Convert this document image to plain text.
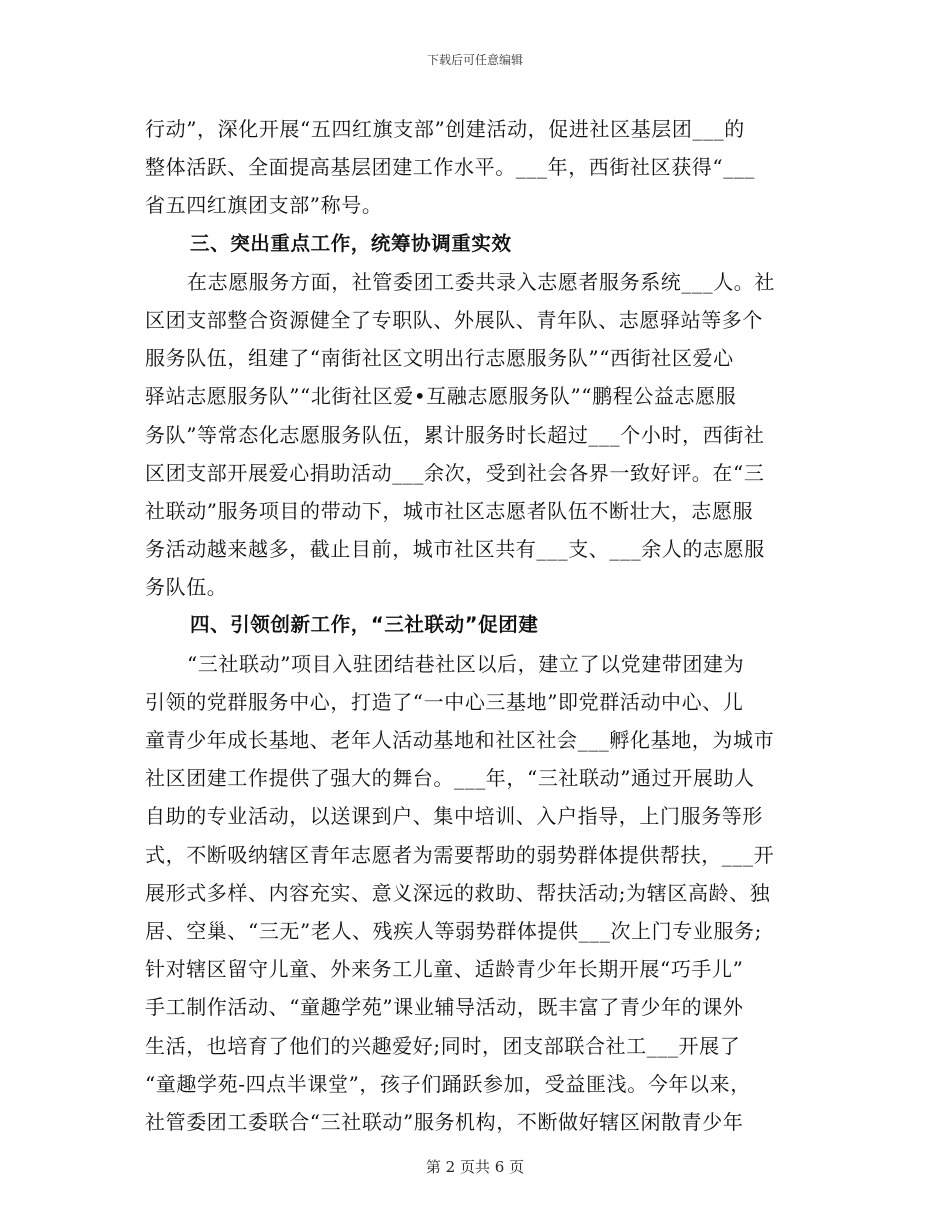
下载后可任意编辑
行动”，深化开展“五四红旗支部”创建活动，促进社区基层团___的
整体活跃、全面提高基层团建工作水平。___年，西街社区获得“___
省五四红旗团支部”称号。
三、突出重点工作，统筹协调重实效
在志愿服务方面，社管委团工委共录入志愿者服务系统___人。社
区团支部整合资源健全了专职队、外展队、青年队、志愿驿站等多个
服务队伍，组建了“南街社区文明出行志愿服务队”“西街社区爱心
驿站志愿服务队”“北街社区爱•互融志愿服务队”“鹏程公益志愿服
务队”等常态化志愿服务队伍，累计服务时长超过___个小时，西街社
区团支部开展爱心捐助活动___余次，受到社会各界一致好评。在“三
社联动”服务项目的带动下，城市社区志愿者队伍不断壮大，志愿服
务活动越来越多，截止目前，城市社区共有___支、___余人的志愿服
务队伍。
四、引领创新工作，“三社联动”促团建
“三社联动”项目入驻团结巷社区以后，建立了以党建带团建为
引领的党群服务中心，打造了“一中心三基地”即党群活动中心、儿
童青少年成长基地、老年人活动基地和社区社会___孵化基地，为城市
社区团建工作提供了强大的舞台。___年，“三社联动”通过开展助人
自助的专业活动，以送课到户、集中培训、入户指导，上门服务等形
式，不断吸纳辖区青年志愿者为需要帮助的弱势群体提供帮扶，___开
展形式多样、内容充实、意义深远的救助、帮扶活动;为辖区高龄、独
居、空巢、“三无”老人、残疾人等弱势群体提供___次上门专业服务;
针对辖区留守儿童、外来务工儿童、适龄青少年长期开展“巧手儿”
手工制作活动、“童趣学苑”课业辅导活动，既丰富了青少年的课外
生活，也培育了他们的兴趣爱好;同时，团支部联合社工___开展了
“童趣学苑-四点半课堂”，孩子们踊跃参加，受益匪浅。今年以来，
社管委团工委联合“三社联动”服务机构，不断做好辖区闲散青少年
第 2 页共 6 页
